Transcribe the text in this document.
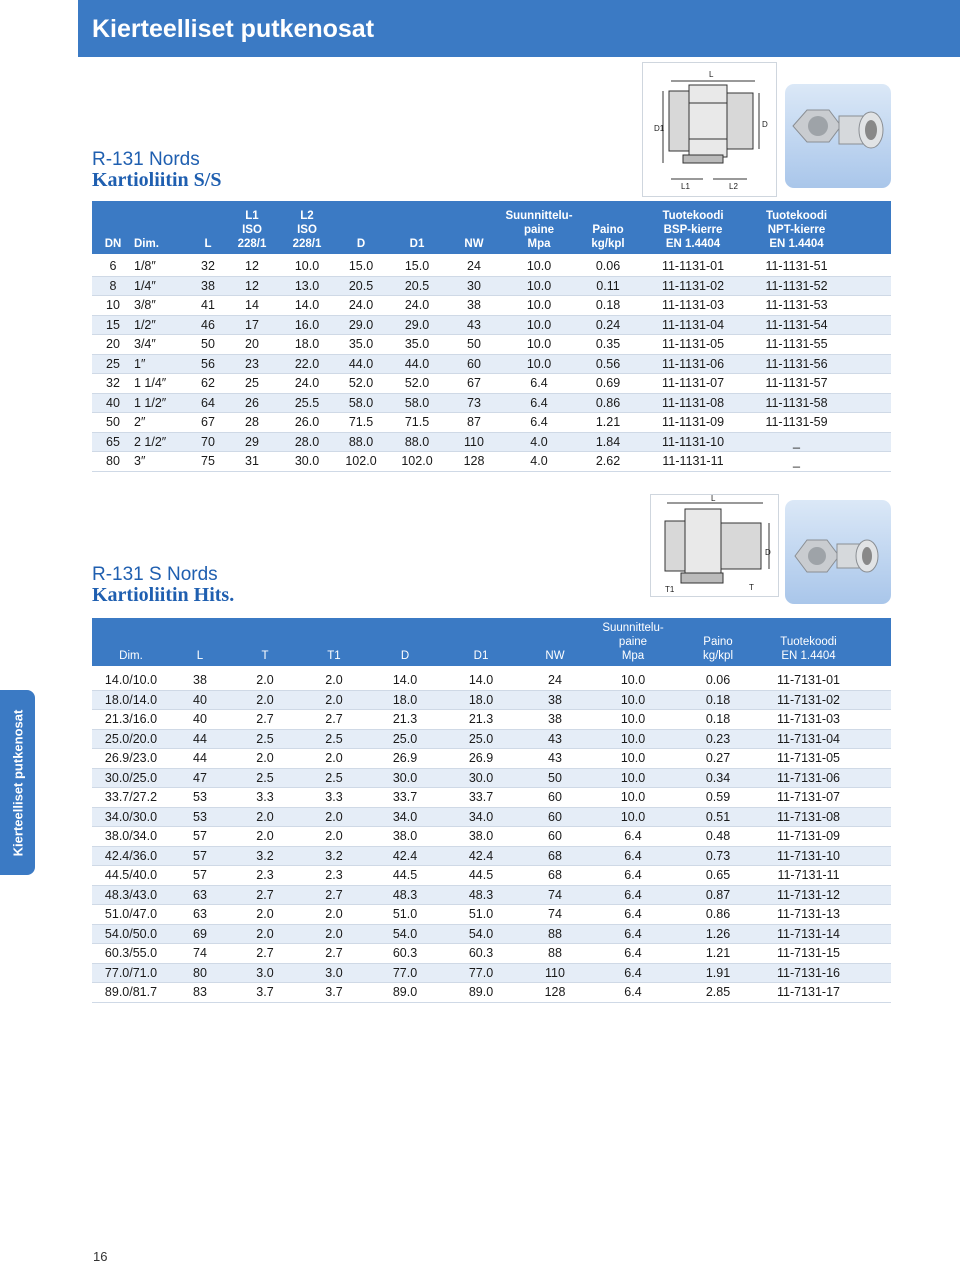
Kierteelliset putkenosat
R-131 Nords
Kartioliitin S/S
L
D1	D
L1	L2

DN

	Dim.

	L
L1
ISO
228/1
L2
ISO
228/1

	D

	D1

	NW
Suunnittelu-
paine
Mpa

Paino
kg/kpl
Tuotekoodi
BSP-kierre
EN 1.4404
Tuotekoodi
NPT-kierre
EN 1.4404
6	1/8″	32	12	10.0	15.0	15.0	24	10.0	0.06	11-1131-01	11-1131-51
8	1/4″	38	12	13.0	20.5	20.5	30	10.0	0.11	11-1131-02	11-1131-52
10	3/8″	41	14	14.0	24.0	24.0	38	10.0	0.18	11-1131-03	11-1131-53
15	1/2″	46	17	16.0	29.0	29.0	43	10.0	0.24	11-1131-04	11-1131-54
20	3/4″	50	20	18.0	35.0	35.0	50	10.0	0.35	11-1131-05	11-1131-55
25	1″	56	23	22.0	44.0	44.0	60	10.0	0.56	11-1131-06	11-1131-56
32	1 1/4″	62	25	24.0	52.0	52.0	67	6.4	0.69	11-1131-07	11-1131-57
40	1 1/2″	64	26	25.5	58.0	58.0	73	6.4	0.86	11-1131-08	11-1131-58
50	2″	67	28	26.0	71.5	71.5	87	6.4	1.21	11-1131-09	11-1131-59
65	2 1/2″	70	29	28.0	88.0	88.0	110	4.0	1.84	11-1131-10	_
80	3″	75	31	30.0	102.0	102.0	128	4.0	2.62	11-1131-11	_
L
D
T1	T
R-131 S Nords
Kartioliitin Hits.

Dim.

	L

	T

	T1

	D

	D1

	NW
Suunnittelu-
paine
Mpa

Paino
kg/kpl

Tuotekoodi
EN 1.4404
14.0/10.0	38	2.0	2.0	14.0	14.0	24	10.0	0.06	11-7131-01
18.0/14.0	40	2.0	2.0	18.0	18.0	38	10.0	0.18	11-7131-02
21.3/16.0	40	2.7	2.7	21.3	21.3	38	10.0	0.18	11-7131-03
25.0/20.0	44	2.5	2.5	25.0	25.0	43	10.0	0.23	11-7131-04
26.9/23.0	44	2.0	2.0	26.9	26.9	43	10.0	0.27	11-7131-05
30.0/25.0	47	2.5	2.5	30.0	30.0	50	10.0	0.34	11-7131-06
33.7/27.2	53	3.3	3.3	33.7	33.7	60	10.0	0.59	11-7131-07
34.0/30.0	53	2.0	2.0	34.0	34.0	60	10.0	0.51	11-7131-08
38.0/34.0	57	2.0	2.0	38.0	38.0	60	6.4	0.48	11-7131-09
42.4/36.0	57	3.2	3.2	42.4	42.4	68	6.4	0.73	11-7131-10
44.5/40.0	57	2.3	2.3	44.5	44.5	68	6.4	0.65	11-7131-11
48.3/43.0	63	2.7	2.7	48.3	48.3	74	6.4	0.87	11-7131-12
51.0/47.0	63	2.0	2.0	51.0	51.0	74	6.4	0.86	11-7131-13
54.0/50.0	69	2.0	2.0	54.0	54.0	88	6.4	1.26	11-7131-14
60.3/55.0	74	2.7	2.7	60.3	60.3	88	6.4	1.21	11-7131-15
77.0/71.0	80	3.0	3.0	77.0	77.0	110	6.4	1.91	11-7131-16
89.0/81.7	83	3.7	3.7	89.0	89.0	128	6.4	2.85	11-7131-17
Kierteelliset putkenosat
16
